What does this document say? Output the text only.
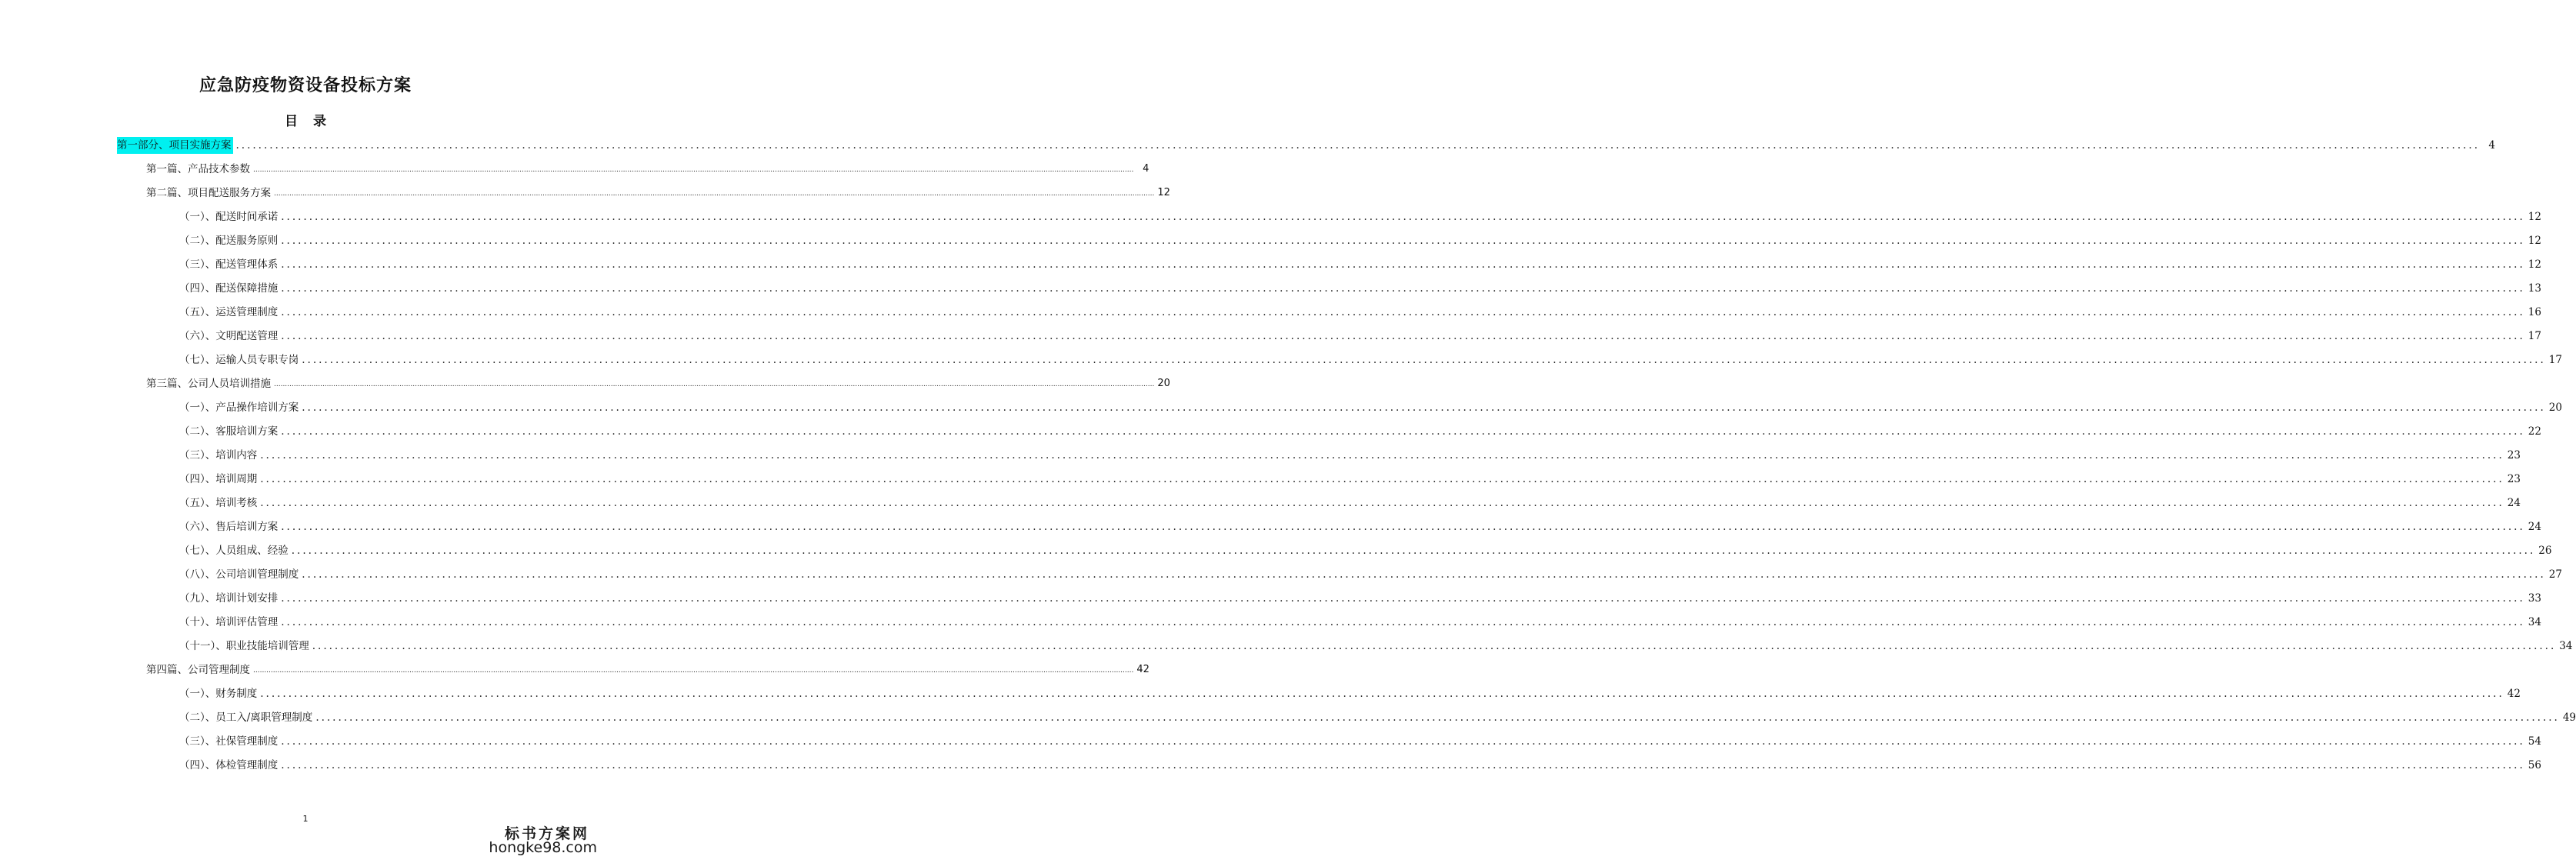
应急防疫物资设备投标方案
目 录
第一部分、项目实施方案 ................................................................................................................................................................................................................................................................................................................................................................................................................ 4
第一篇、产品技术参数 ................................................................................................................................................................................................................................................................................................................................................................................................................ 4
第二篇、项目配送服务方案 ................................................................................................................................................................................................................................................................................................................................................................................................................ 12
（一）、配送时间承诺 ................................................................................................................................................................................................................................................................................................................................................................................................................ 12
（二）、配送服务原则 ................................................................................................................................................................................................................................................................................................................................................................................................................ 12
（三）、配送管理体系 ................................................................................................................................................................................................................................................................................................................................................................................................................ 12
（四）、配送保障措施 ................................................................................................................................................................................................................................................................................................................................................................................................................ 13
（五）、运送管理制度 ................................................................................................................................................................................................................................................................................................................................................................................................................ 16
（六）、文明配送管理 ................................................................................................................................................................................................................................................................................................................................................................................................................ 17
（七）、运输人员专职专岗 ................................................................................................................................................................................................................................................................................................................................................................................................................ 17
第三篇、公司人员培训措施 ................................................................................................................................................................................................................................................................................................................................................................................................................ 20
（一）、产品操作培训方案 ................................................................................................................................................................................................................................................................................................................................................................................................................ 20
（二）、客服培训方案 ................................................................................................................................................................................................................................................................................................................................................................................................................ 22
（三）、培训内容 ................................................................................................................................................................................................................................................................................................................................................................................................................ 23
（四）、培训周期 ................................................................................................................................................................................................................................................................................................................................................................................................................ 23
（五）、培训考核 ................................................................................................................................................................................................................................................................................................................................................................................................................ 24
（六）、售后培训方案 ................................................................................................................................................................................................................................................................................................................................................................................................................ 24
（七）、人员组成、经验 ................................................................................................................................................................................................................................................................................................................................................................................................................ 26
（八）、公司培训管理制度 ................................................................................................................................................................................................................................................................................................................................................................................................................ 27
（九）、培训计划安排 ................................................................................................................................................................................................................................................................................................................................................................................................................ 33
（十）、培训评估管理 ................................................................................................................................................................................................................................................................................................................................................................................................................ 34
（十一）、职业技能培训管理 ................................................................................................................................................................................................................................................................................................................................................................................................................ 34
第四篇、公司管理制度 ................................................................................................................................................................................................................................................................................................................................................................................................................ 42
（一）、财务制度 ................................................................................................................................................................................................................................................................................................................................................................................................................ 42
（二）、员工入/离职管理制度 ................................................................................................................................................................................................................................................................................................................................................................................................................ 49
（三）、社保管理制度 ................................................................................................................................................................................................................................................................................................................................................................................................................ 54
（四）、体检管理制度 ................................................................................................................................................................................................................................................................................................................................................................................................................ 56
1
标书方案网
hongke98.com
